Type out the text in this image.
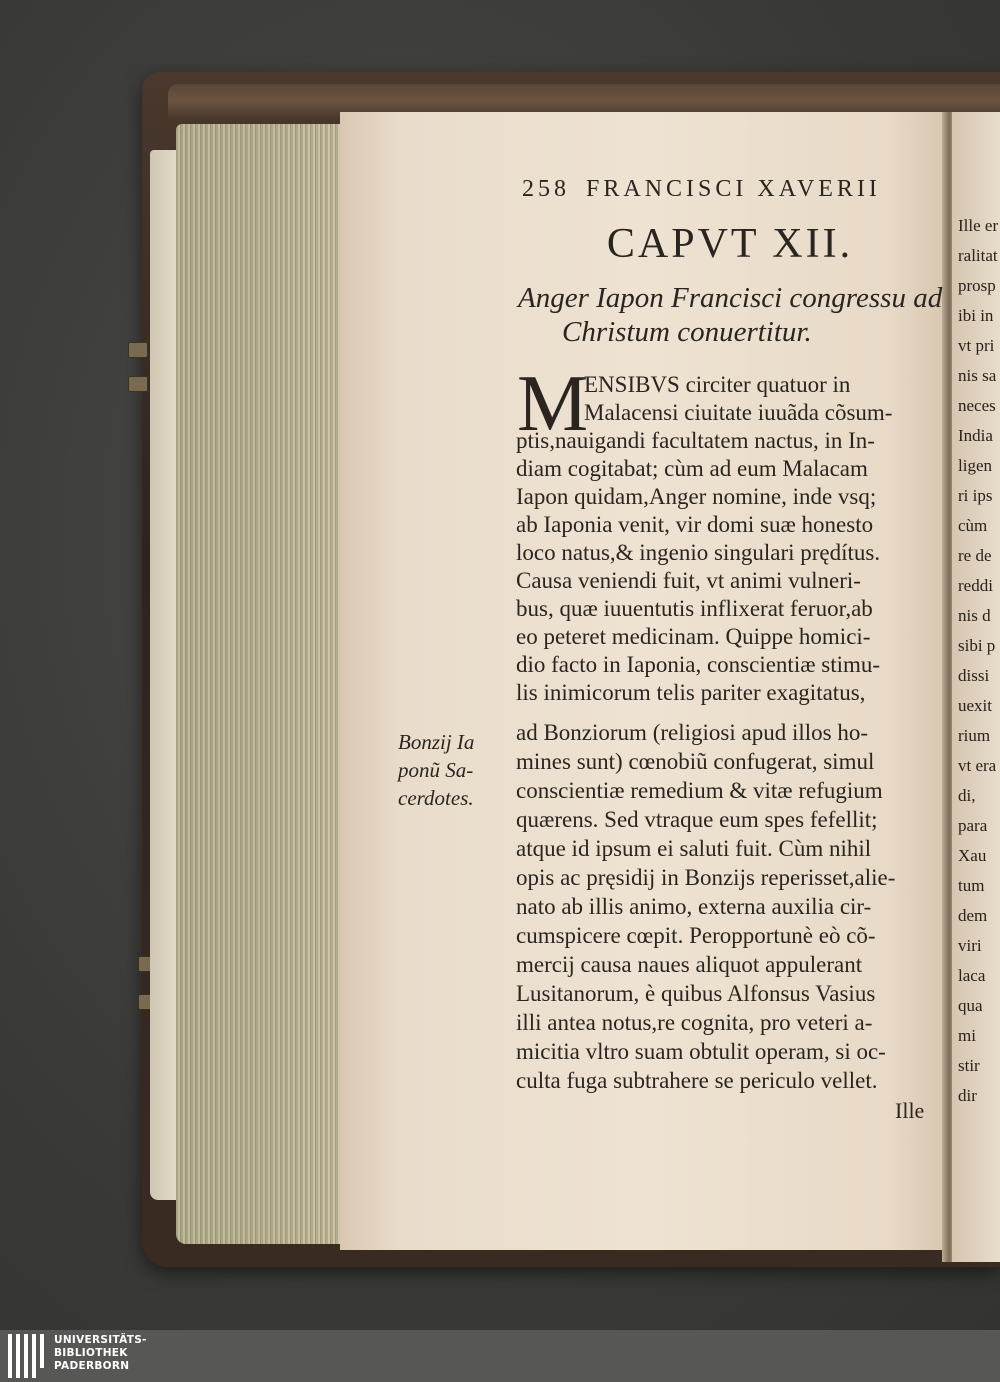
Ille er
ralitat
prosp
ibi in
vt pri
nis sa
neces
India
ligen
ri ips
cùm
re de
reddi
nis d
sibi p
dissi
uexit
rium
vt era
di,
para
Xau
tum
dem
viri
laca
qua
mi
stir
dir
258 FRANCISCI XAVERII
CAPVT XII.
Anger Iapon Francisci congressu ad
Christum conuertitur.
M
ENSIBVS circiter quatuor in
Malacensi ciuitate iuuãda cõsum-
ptis,nauigandi facultatem nactus, in In-
diam cogitabat; cùm ad eum Malacam
Iapon quidam,Anger nomine, inde vsq;
ab Iaponia venit, vir domi suæ honesto
loco natus,& ingenio singulari prędítus.
Causa veniendi fuit, vt animi vulneri-
bus, quæ iuuentutis inflixerat feruor,ab
eo peteret medicinam. Quippe homici-
dio facto in Iaponia, conscientiæ stimu-
lis inimicorum telis pariter exagitatus,
ad Bonziorum (religiosi apud illos ho-
mines sunt) cœnobiũ confugerat, simul
conscientiæ remedium & vitæ refugium
quærens. Sed vtraque eum spes fefellit;
atque id ipsum ei saluti fuit. Cùm nihil
opis ac pręsidij in Bonzijs reperisset,alie-
nato ab illis animo, externa auxilia cir-
cumspicere cœpit. Peropportunè eò cõ-
mercij causa naues aliquot appulerant
Lusitanorum, è quibus Alfonsus Vasius
illi antea notus,re cognita, pro veteri a-
micitia vltro suam obtulit operam, si oc-
culta fuga subtrahere se periculo vellet.
Bonzij Ia
ponũ Sa-
cerdotes.
Ille
UNIVERSITÄTS-
BIBLIOTHEK
PADERBORN
